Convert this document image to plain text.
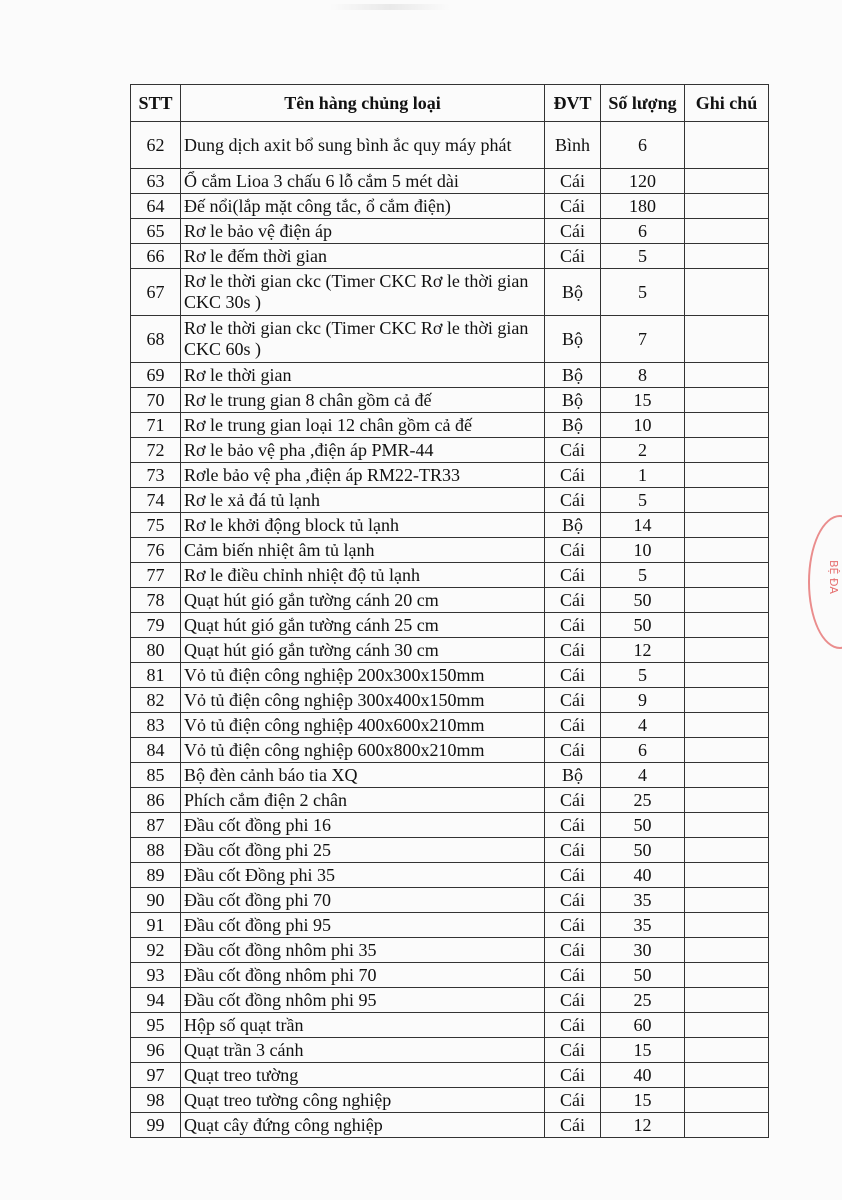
STT	Tên hàng chủng loại	ĐVT	Số lượng	Ghi chú
62	Dung dịch axit bổ sung bình ắc quy máy phát	Bình	6	
63	Ổ cắm Lioa 3 chấu 6 lỗ cắm 5 mét dài	Cái	120	
64	Đế nổi(lắp mặt công tắc, ổ cắm điện)	Cái	180	
65	Rơ le bảo vệ điện áp	Cái	6	
66	Rơ le đếm thời gian	Cái	5	
67	Rơ le thời gian ckc (Timer CKC Rơ le thời gian CKC 30s )	Bộ	5	
68	Rơ le thời gian ckc (Timer CKC Rơ le thời gian CKC 60s )	Bộ	7	
69	Rơ le thời gian	Bộ	8	
70	Rơ le trung gian 8 chân gồm cả đế	Bộ	15	
71	Rơ le trung gian loại 12 chân gồm cả đế	Bộ	10	
72	Rơ le bảo vệ pha ,điện áp PMR-44	Cái	2	
73	Rơle bảo vệ pha ,điện áp RM22-TR33	Cái	1	
74	Rơ le xả đá tủ lạnh	Cái	5	
75	Rơ le khởi động block tủ lạnh	Bộ	14	
76	Cảm biến nhiệt âm tủ lạnh	Cái	10	
77	Rơ le điều chỉnh nhiệt độ tủ lạnh	Cái	5	
78	Quạt hút gió gắn tường cánh 20 cm	Cái	50	
79	Quạt hút gió gắn tường cánh 25 cm	Cái	50	
80	Quạt hút gió gắn tường cánh 30 cm	Cái	12	
81	Vỏ tủ điện công nghiệp 200x300x150mm	Cái	5	
82	Vỏ tủ điện công nghiệp 300x400x150mm	Cái	9	
83	Vỏ tủ điện công nghiệp 400x600x210mm	Cái	4	
84	Vỏ tủ điện công nghiệp 600x800x210mm	Cái	6	
85	Bộ đèn cảnh báo tia XQ	Bộ	4	
86	Phích cắm điện 2 chân	Cái	25	
87	Đầu cốt đồng phi 16	Cái	50	
88	Đầu cốt đồng phi 25	Cái	50	
89	Đầu cốt Đồng phi 35	Cái	40	
90	Đầu cốt đồng phi 70	Cái	35	
91	Đầu cốt đồng phi 95	Cái	35	
92	Đầu cốt đồng nhôm phi 35	Cái	30	
93	Đầu cốt đồng nhôm phi 70	Cái	50	
94	Đầu cốt đồng nhôm phi 95	Cái	25	
95	Hộp số quạt trần	Cái	60	
96	Quạt trần 3 cánh	Cái	15	
97	Quạt treo tường	Cái	40	
98	Quạt treo tường công nghiệp	Cái	15	
99	Quạt cây đứng công nghiệp	Cái	12	
BỆ ĐA
